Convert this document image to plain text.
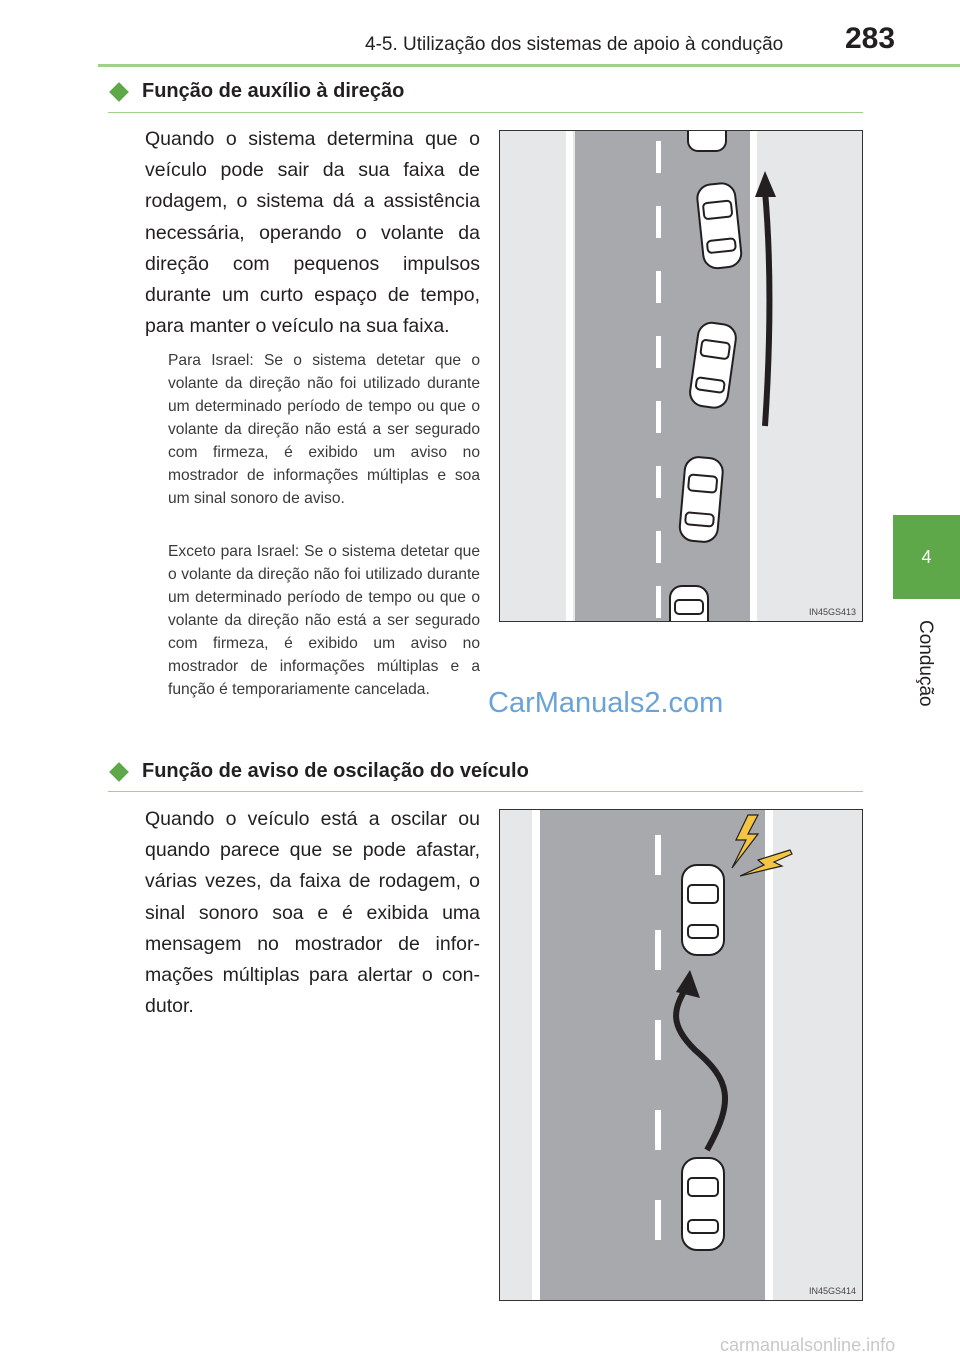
4-5. Utilização dos sistemas de apoio à condução	283
4
Condução
Função de auxílio à direção

Quando o sistema determina que o veículo pode sair da sua faixa de rodagem, o sistema dá a assistência necessária, operando o volante da direção com pequenos impulsos durante um curto espaço de tempo, para manter o veículo na sua faixa.

Para Israel: Se o sistema detetar que o volante da direção não foi utilizado durante um determinado período de tempo ou que o volante da direção não está a ser segurado com firmeza, é exibido um aviso no mostrador de informações múltiplas e soa um sinal sonoro de aviso.

Exceto para Israel: Se o sistema detetar que o volante da direção não foi utilizado durante um determinado período de tempo ou que o volante da direção não está a ser segurado com firmeza, é exibido um aviso no mostrador de informações múltiplas e a função é temporariamente cancelada.

IN45GS413
CarManuals2.com
Função de aviso de oscilação do veículo

Quando o veículo está a oscilar ou quando parece que se pode afastar, várias vezes, da faixa de rodagem, o sinal sonoro soa e é exibida uma mensagem no mostrador de informações múltiplas para alertar o condutor.

IN45GS414
carmanualsonline.info
